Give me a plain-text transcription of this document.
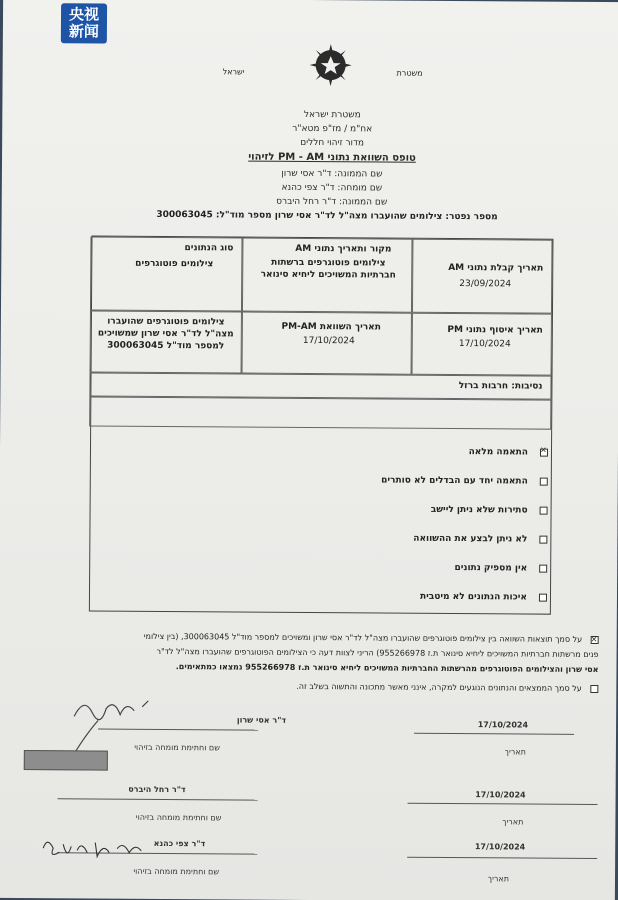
央视
新闻
משטרת
ישראל
משטרת ישראל
אח"מ / מז"פ מטא"ר
מדור זיהוי חללים
טופס השוואת נתוני PM - AM לזיהוי
שם הממונה: ד"ר אסי שרון
שם מומחה: ד"ר צפי כהנא
שם הממונה: ד"ר רחל היברס
מספר נפטר: צילומים שהועברו מצה"ל לד"ר אסי שרון מספר מוד"ל: 300063045
תאריך קבלת נתוני AM
23/09/2024
מקור ותאריך נתוני AM
צילומים פוטוגרפים ברשתות חברתיות המשויכים ליחיא סינואר
סוג הנתונים
צילומים פוטוגרפים
תאריך איסוף נתוני PM
17/10/2024
תאריך השוואת PM-AM
17/10/2024
צילומים פוטוגרפים שהועברו מצה"ל לד"ר אסי שרון שמשויכים למספר מוד"ל 300063045
נסיבות: חרבות ברזל
✕
התאמה מלאה
התאמה יחד עם הבדלים לא סותרים
סתירות שלא ניתן ליישב
לא ניתן לבצע את ההשוואה
אין מספיק נתונים
איכות הנתונים לא מיטבית
✕ על סמך תוצאות השוואה בין צילומים פוטוגרפים שהועברו מצה"ל לד"ר אסי שרון ומשויכים למספר מוד"ל 300063045, (בין צילומי
פנים מרשתות חברתיות המשויכים ליחיא סינואר ת.ז 955266978) הריני לצוות דעה כי הצילומים הפוטוגרפים שהועברו מצה"ל לד"ר
אסי שרון והצילומים הפוטוגרפים מהרשתות החברתיות המשויכים ליחיא סינואר ת.ז 955266978 נמצאו כמתאימים.
על סמך הממצאים והנתונים הנוגעים למקרה, אינני מאשר מתכונה והתשוה בשלב זה.
ד"ר אסי שרון
שם וחתימת מומחה בזיהוי
17/10/2024
תאריך
ד"ר רחל היברס
שם וחתימת מומחה בזיהוי
17/10/2024
תאריך
ד"ר צפי כהנא
שם וחתימת מומחה בזיהוי
17/10/2024
תאריך
